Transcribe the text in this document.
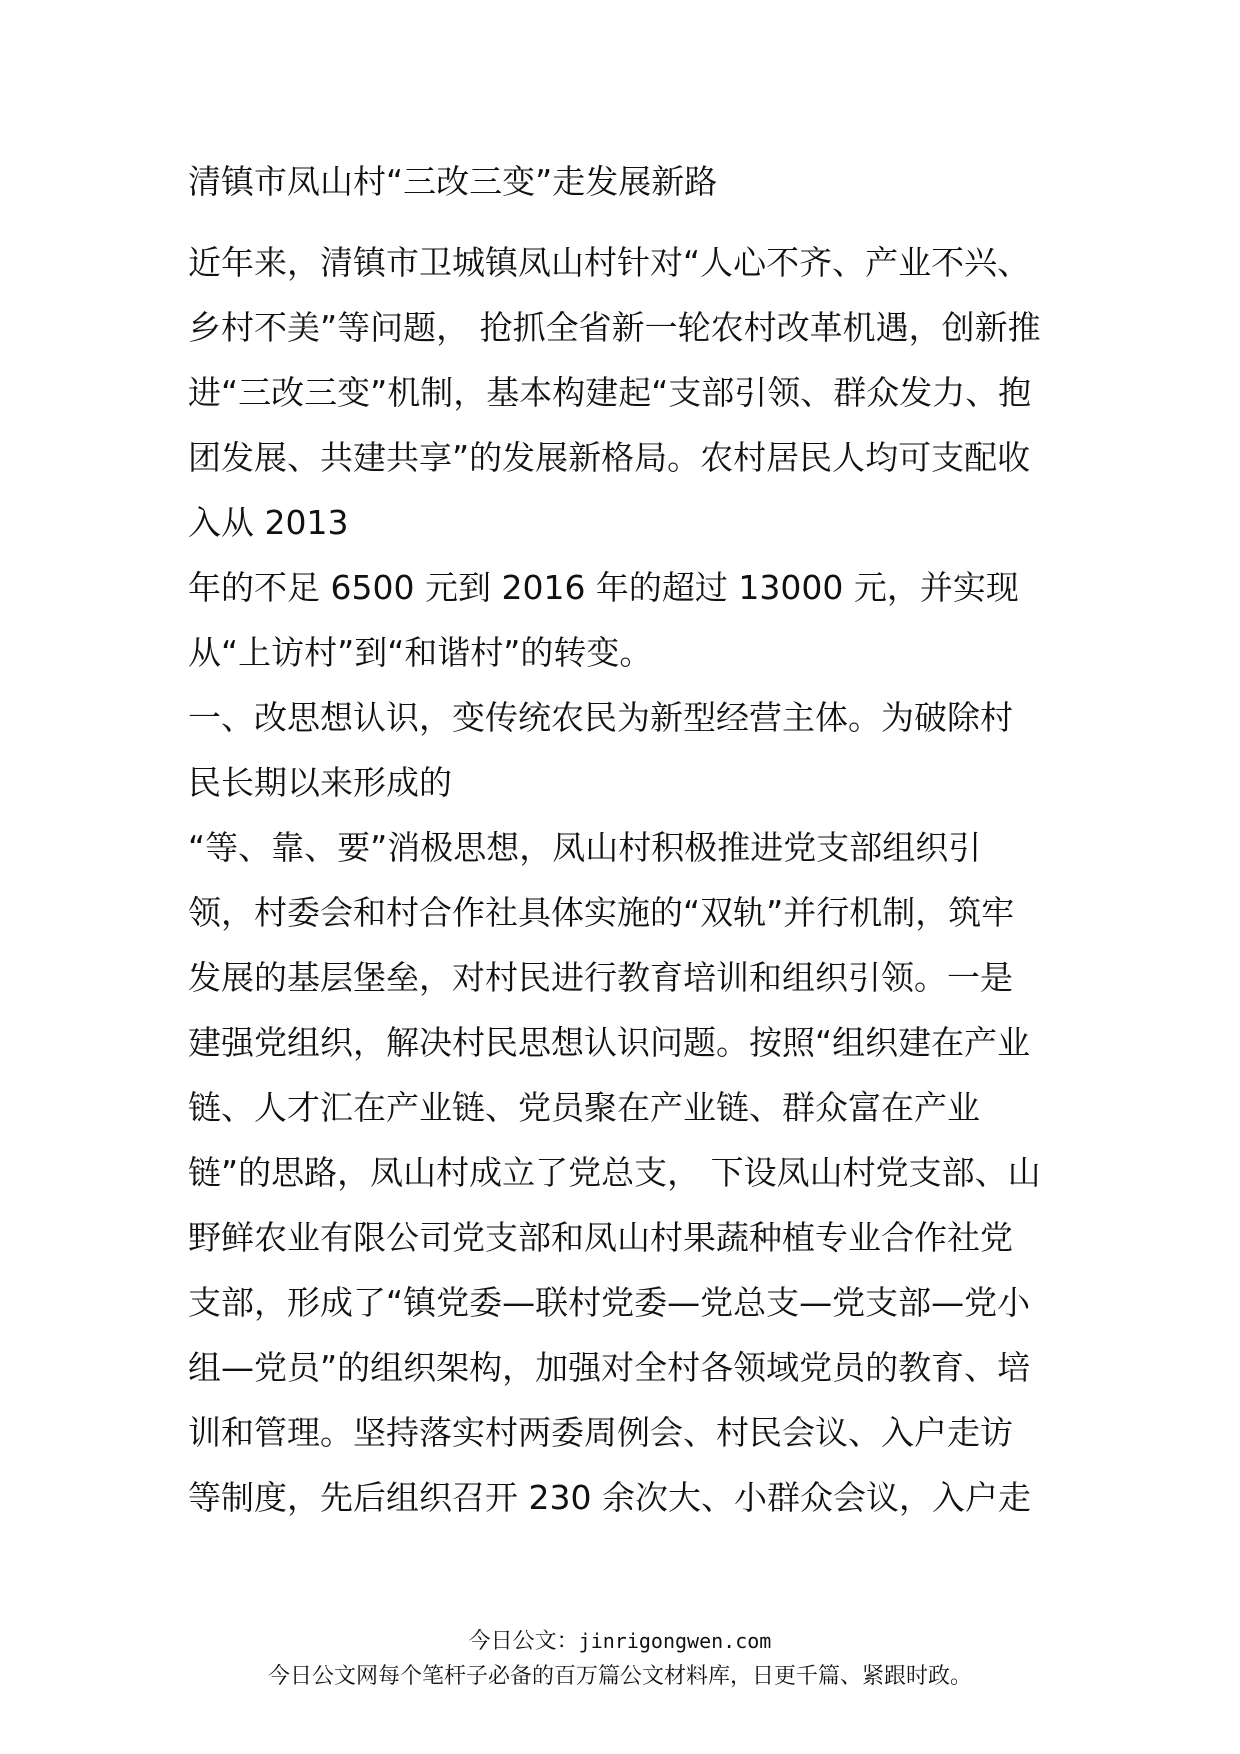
清镇市凤山村“三改三变”走发展新路
近年来，清镇市卫城镇凤山村针对“人心不齐、产业不兴、
乡村不美”等问题， 抢抓全省新一轮农村改革机遇，创新推
进“三改三变”机制，基本构建起“支部引领、群众发力、抱
团发展、共建共享”的发展新格局。农村居民人均可支配收
入从 2013
年的不足 6500 元到 2016 年的超过 13000 元，并实现
从“上访村”到“和谐村”的转变。
一、改思想认识，变传统农民为新型经营主体。为破除村
民长期以来形成的
“等、靠、要”消极思想，凤山村积极推进党支部组织引
领，村委会和村合作社具体实施的“双轨”并行机制，筑牢
发展的基层堡垒，对村民进行教育培训和组织引领。一是
建强党组织，解决村民思想认识问题。按照“组织建在产业
链、人才汇在产业链、党员聚在产业链、群众富在产业
链”的思路，凤山村成立了党总支， 下设凤山村党支部、山
野鲜农业有限公司党支部和凤山村果蔬种植专业合作社党
支部，形成了“镇党委—联村党委—党总支—党支部—党小
组—党员”的组织架构，加强对全村各领域党员的教育、培
训和管理。坚持落实村两委周例会、村民会议、入户走访
等制度，先后组织召开 230 余次大、小群众会议，入户走
今日公文：jinrigongwen.com
今日公文网每个笔杆子必备的百万篇公文材料库，日更千篇、紧跟时政。
